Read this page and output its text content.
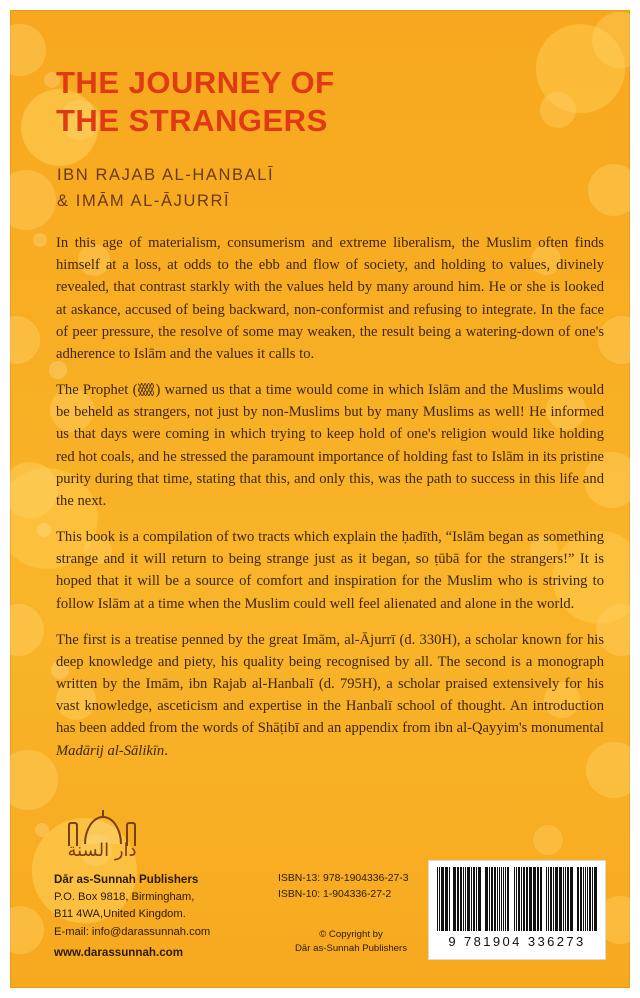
THE JOURNEY OF
THE STRANGERS
IBN RAJAB AL-HANBALĪ
& IMĀM AL-ĀJURRĪ

In this age of materialism, consumerism and extreme liberalism, the Muslim often finds himself at a loss, at odds to the ebb and flow of society, and holding to values, divinely revealed, that contrast starkly with the values held by many around him. He or she is looked at askance, accused of being backward, non-conformist and refusing to integrate. In the face of peer pressure, the resolve of some may weaken, the result being a watering-down of one's adherence to Islām and the values it calls to.

The Prophet ( ) warned us that a time would come in which Islām and the Muslims would be beheld as strangers, not just by non-Muslims but by many Muslims as well! He informed us that days were coming in which trying to keep hold of one's religion would like holding red hot coals, and he stressed the paramount importance of holding fast to Islām in its pristine purity during that time, stating that this, and only this, was the path to success in this life and the next.

This book is a compilation of two tracts which explain the ḥadīth, “Islām began as something strange and it will return to being strange just as it began, so ṭūbā for the strangers!” It is hoped that it will be a source of comfort and inspiration for the Muslim who is striving to follow Islām at a time when the Muslim could well feel alienated and alone in the world.

The first is a treatise penned by the great Imām, al-Ājurrī (d. 330H), a scholar known for his deep knowledge and piety, his quality being recognised by all. The second is a monograph written by the Imām, ibn Rajab al-Hanbalī (d. 795H), a scholar praised extensively for his vast knowledge, asceticism and expertise in the Hanbalī school of thought. An introduction has been added from the words of Shāṭibī and an appendix from ibn al-Qayyim's monumental Madārij al-Sālikīn.

دار السنة
Dār as-Sunnah Publishers
P.O. Box 9818, Birmingham,
B11 4WA,United Kingdom.
E-mail: info@darassunnah.com
www.darassunnah.com
ISBN-13: 978-1904336-27-3
ISBN-10: 1-904336-27-2
© Copyright by
Dār as-Sunnah Publishers	9 781904 336273
